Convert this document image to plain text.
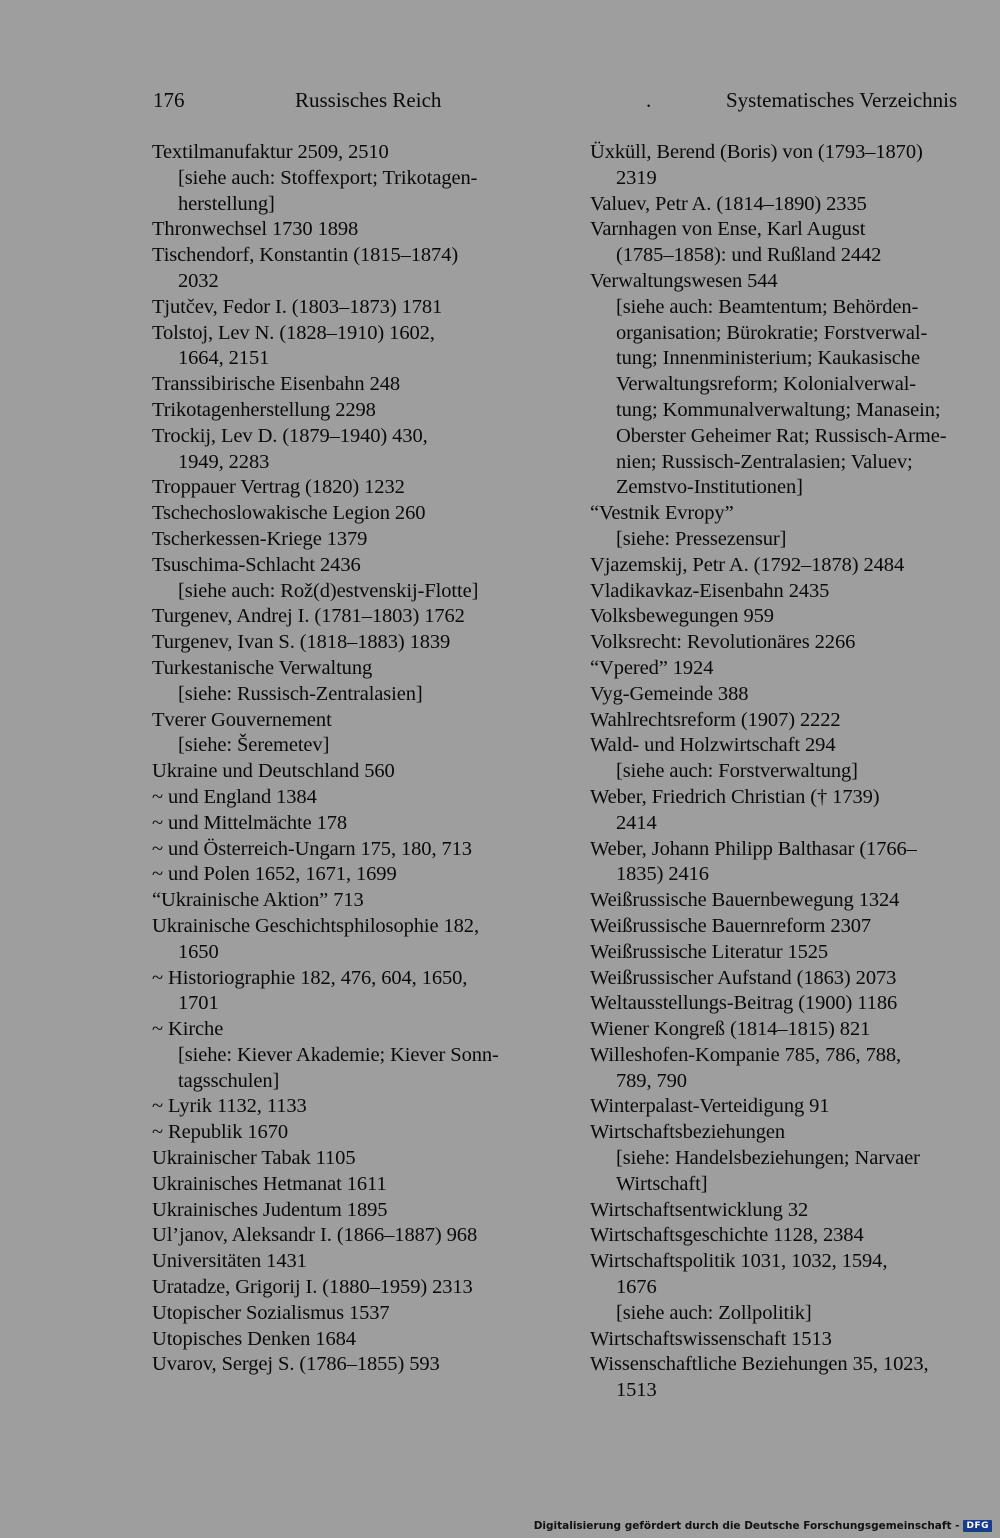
176	Russisches Reich	.	Systematisches Verzeichnis
Textilmanufaktur 2509, 2510
[siehe auch: Stoffexport; Trikotagen-
herstellung]
Thronwechsel 1730 1898
Tischendorf, Konstantin (1815–1874)
2032
Tjutčev, Fedor I. (1803–1873) 1781
Tolstoj, Lev N. (1828–1910) 1602,
1664, 2151
Transsibirische Eisenbahn 248
Trikotagenherstellung 2298
Trockij, Lev D. (1879–1940) 430,
1949, 2283
Troppauer Vertrag (1820) 1232
Tschechoslowakische Legion 260
Tscherkessen-Kriege 1379
Tsuschima-Schlacht 2436
[siehe auch: Rož(d)estvenskij-Flotte]
Turgenev, Andrej I. (1781–1803) 1762
Turgenev, Ivan S. (1818–1883) 1839
Turkestanische Verwaltung
[siehe: Russisch-Zentralasien]
Tverer Gouvernement
[siehe: Šeremetev]
Ukraine und Deutschland 560
~ und England 1384
~ und Mittelmächte 178
~ und Österreich-Ungarn 175, 180, 713
~ und Polen 1652, 1671, 1699
“Ukrainische Aktion” 713
Ukrainische Geschichtsphilosophie 182,
1650
~ Historiographie 182, 476, 604, 1650,
1701
~ Kirche
[siehe: Kiever Akademie; Kiever Sonn-
tagsschulen]
~ Lyrik 1132, 1133
~ Republik 1670
Ukrainischer Tabak 1105
Ukrainisches Hetmanat 1611
Ukrainisches Judentum 1895
Ul’janov, Aleksandr I. (1866–1887) 968
Universitäten 1431
Uratadze, Grigorij I. (1880–1959) 2313
Utopischer Sozialismus 1537
Utopisches Denken 1684
Uvarov, Sergej S. (1786–1855) 593
Üxküll, Berend (Boris) von (1793–1870)
2319
Valuev, Petr A. (1814–1890) 2335
Varnhagen von Ense, Karl August
(1785–1858): und Rußland 2442
Verwaltungswesen 544
[siehe auch: Beamtentum; Behörden-
organisation; Bürokratie; Forstverwal-
tung; Innenministerium; Kaukasische
Verwaltungsreform; Kolonialverwal-
tung; Kommunalverwaltung; Manasein;
Oberster Geheimer Rat; Russisch-Arme-
nien; Russisch-Zentralasien; Valuev;
Zemstvo-Institutionen]
“Vestnik Evropy”
[siehe: Pressezensur]
Vjazemskij, Petr A. (1792–1878) 2484
Vladikavkaz-Eisenbahn 2435
Volksbewegungen 959
Volksrecht: Revolutionäres 2266
“Vpered” 1924
Vyg-Gemeinde 388
Wahlrechtsreform (1907) 2222
Wald- und Holzwirtschaft 294
[siehe auch: Forstverwaltung]
Weber, Friedrich Christian († 1739)
2414
Weber, Johann Philipp Balthasar (1766–
1835) 2416
Weißrussische Bauernbewegung 1324
Weißrussische Bauernreform 2307
Weißrussische Literatur 1525
Weißrussischer Aufstand (1863) 2073
Weltausstellungs-Beitrag (1900) 1186
Wiener Kongreß (1814–1815) 821
Willeshofen-Kompanie 785, 786, 788,
789, 790
Winterpalast-Verteidigung 91
Wirtschaftsbeziehungen
[siehe: Handelsbeziehungen; Narvaer
Wirtschaft]
Wirtschaftsentwicklung 32
Wirtschaftsgeschichte 1128, 2384
Wirtschaftspolitik 1031, 1032, 1594,
1676
[siehe auch: Zollpolitik]
Wirtschaftswissenschaft 1513
Wissenschaftliche Beziehungen 35, 1023,
1513
Digitalisierung gefördert durch die Deutsche Forschungsgemeinschaft - DFG
